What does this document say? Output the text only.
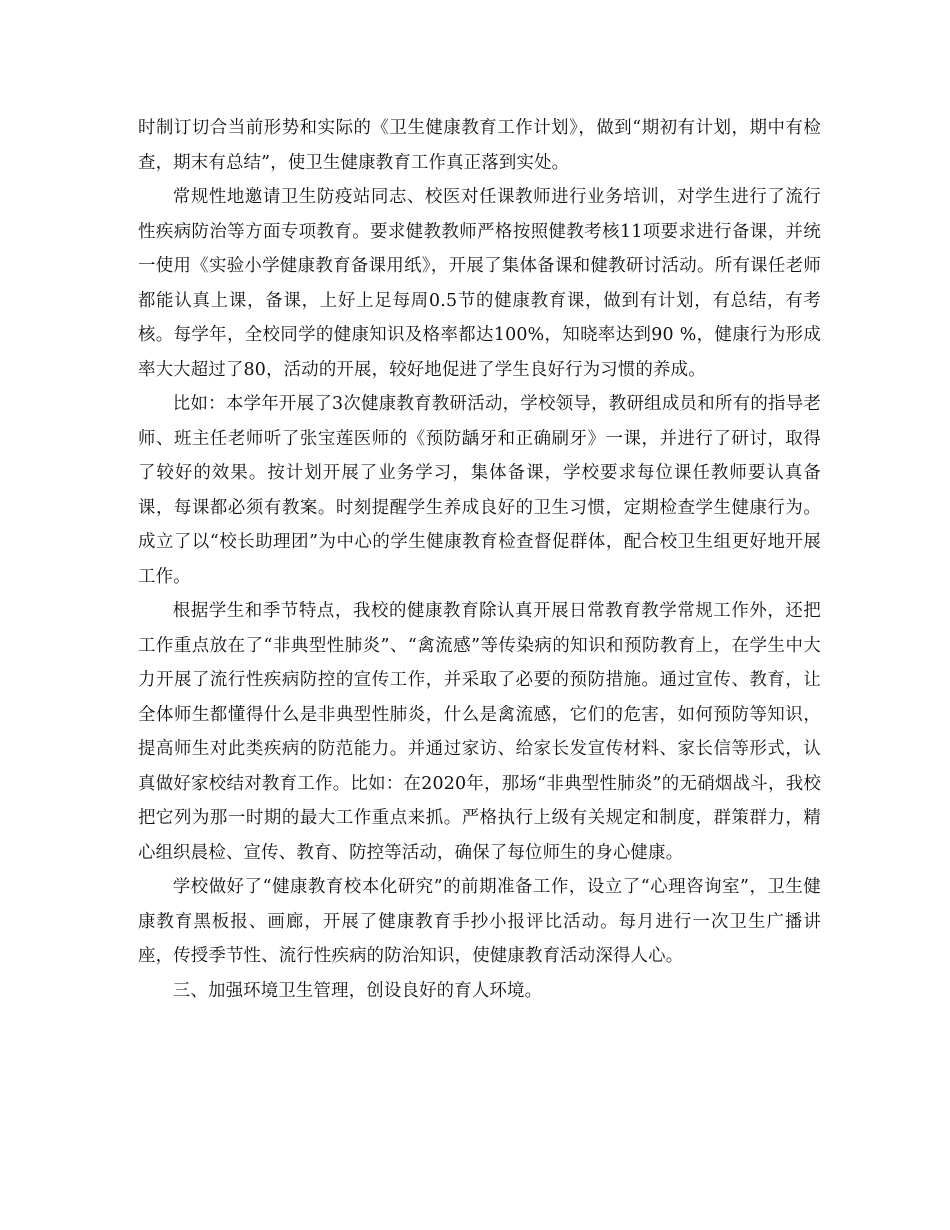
时制订切合当前形势和实际的《卫生健康教育工作计划》，做到“期初有计划，期中有检查，期末有总结”，使卫生健康教育工作真正落到实处。

常规性地邀请卫生防疫站同志、校医对任课教师进行业务培训，对学生进行了流行性疾病防治等方面专项教育。要求健教教师严格按照健教考核11项要求进行备课，并统一使用《实验小学健康教育备课用纸》，开展了集体备课和健教研讨活动。所有课任老师都能认真上课，备课，上好上足每周0.5节的健康教育课，做到有计划，有总结，有考核。每学年，全校同学的健康知识及格率都达100%，知晓率达到90 %，健康行为形成率大大超过了80，活动的开展，较好地促进了学生良好行为习惯的养成。

比如：本学年开展了3次健康教育教研活动，学校领导，教研组成员和所有的指导老师、班主任老师听了张宝莲医师的《预防龋牙和正确刷牙》一课，并进行了研讨，取得了较好的效果。按计划开展了业务学习，集体备课，学校要求每位课任教师要认真备课，每课都必须有教案。时刻提醒学生养成良好的卫生习惯，定期检查学生健康行为。成立了以“校长助理团”为中心的学生健康教育检查督促群体，配合校卫生组更好地开展工作。

根据学生和季节特点，我校的健康教育除认真开展日常教育教学常规工作外，还把工作重点放在了“非典型性肺炎”、“禽流感”等传染病的知识和预防教育上，在学生中大力开展了流行性疾病防控的宣传工作，并采取了必要的预防措施。通过宣传、教育，让全体师生都懂得什么是非典型性肺炎，什么是禽流感，它们的危害，如何预防等知识，提高师生对此类疾病的防范能力。并通过家访、给家长发宣传材料、家长信等形式，认真做好家校结对教育工作。比如：在2020年，那场“非典型性肺炎”的无硝烟战斗，我校把它列为那一时期的最大工作重点来抓。严格执行上级有关规定和制度，群策群力，精心组织晨检、宣传、教育、防控等活动，确保了每位师生的身心健康。

学校做好了“健康教育校本化研究”的前期准备工作，设立了“心理咨询室”，卫生健康教育黑板报、画廊，开展了健康教育手抄小报评比活动。每月进行一次卫生广播讲座，传授季节性、流行性疾病的防治知识，使健康教育活动深得人心。

三、加强环境卫生管理，创设良好的育人环境。
